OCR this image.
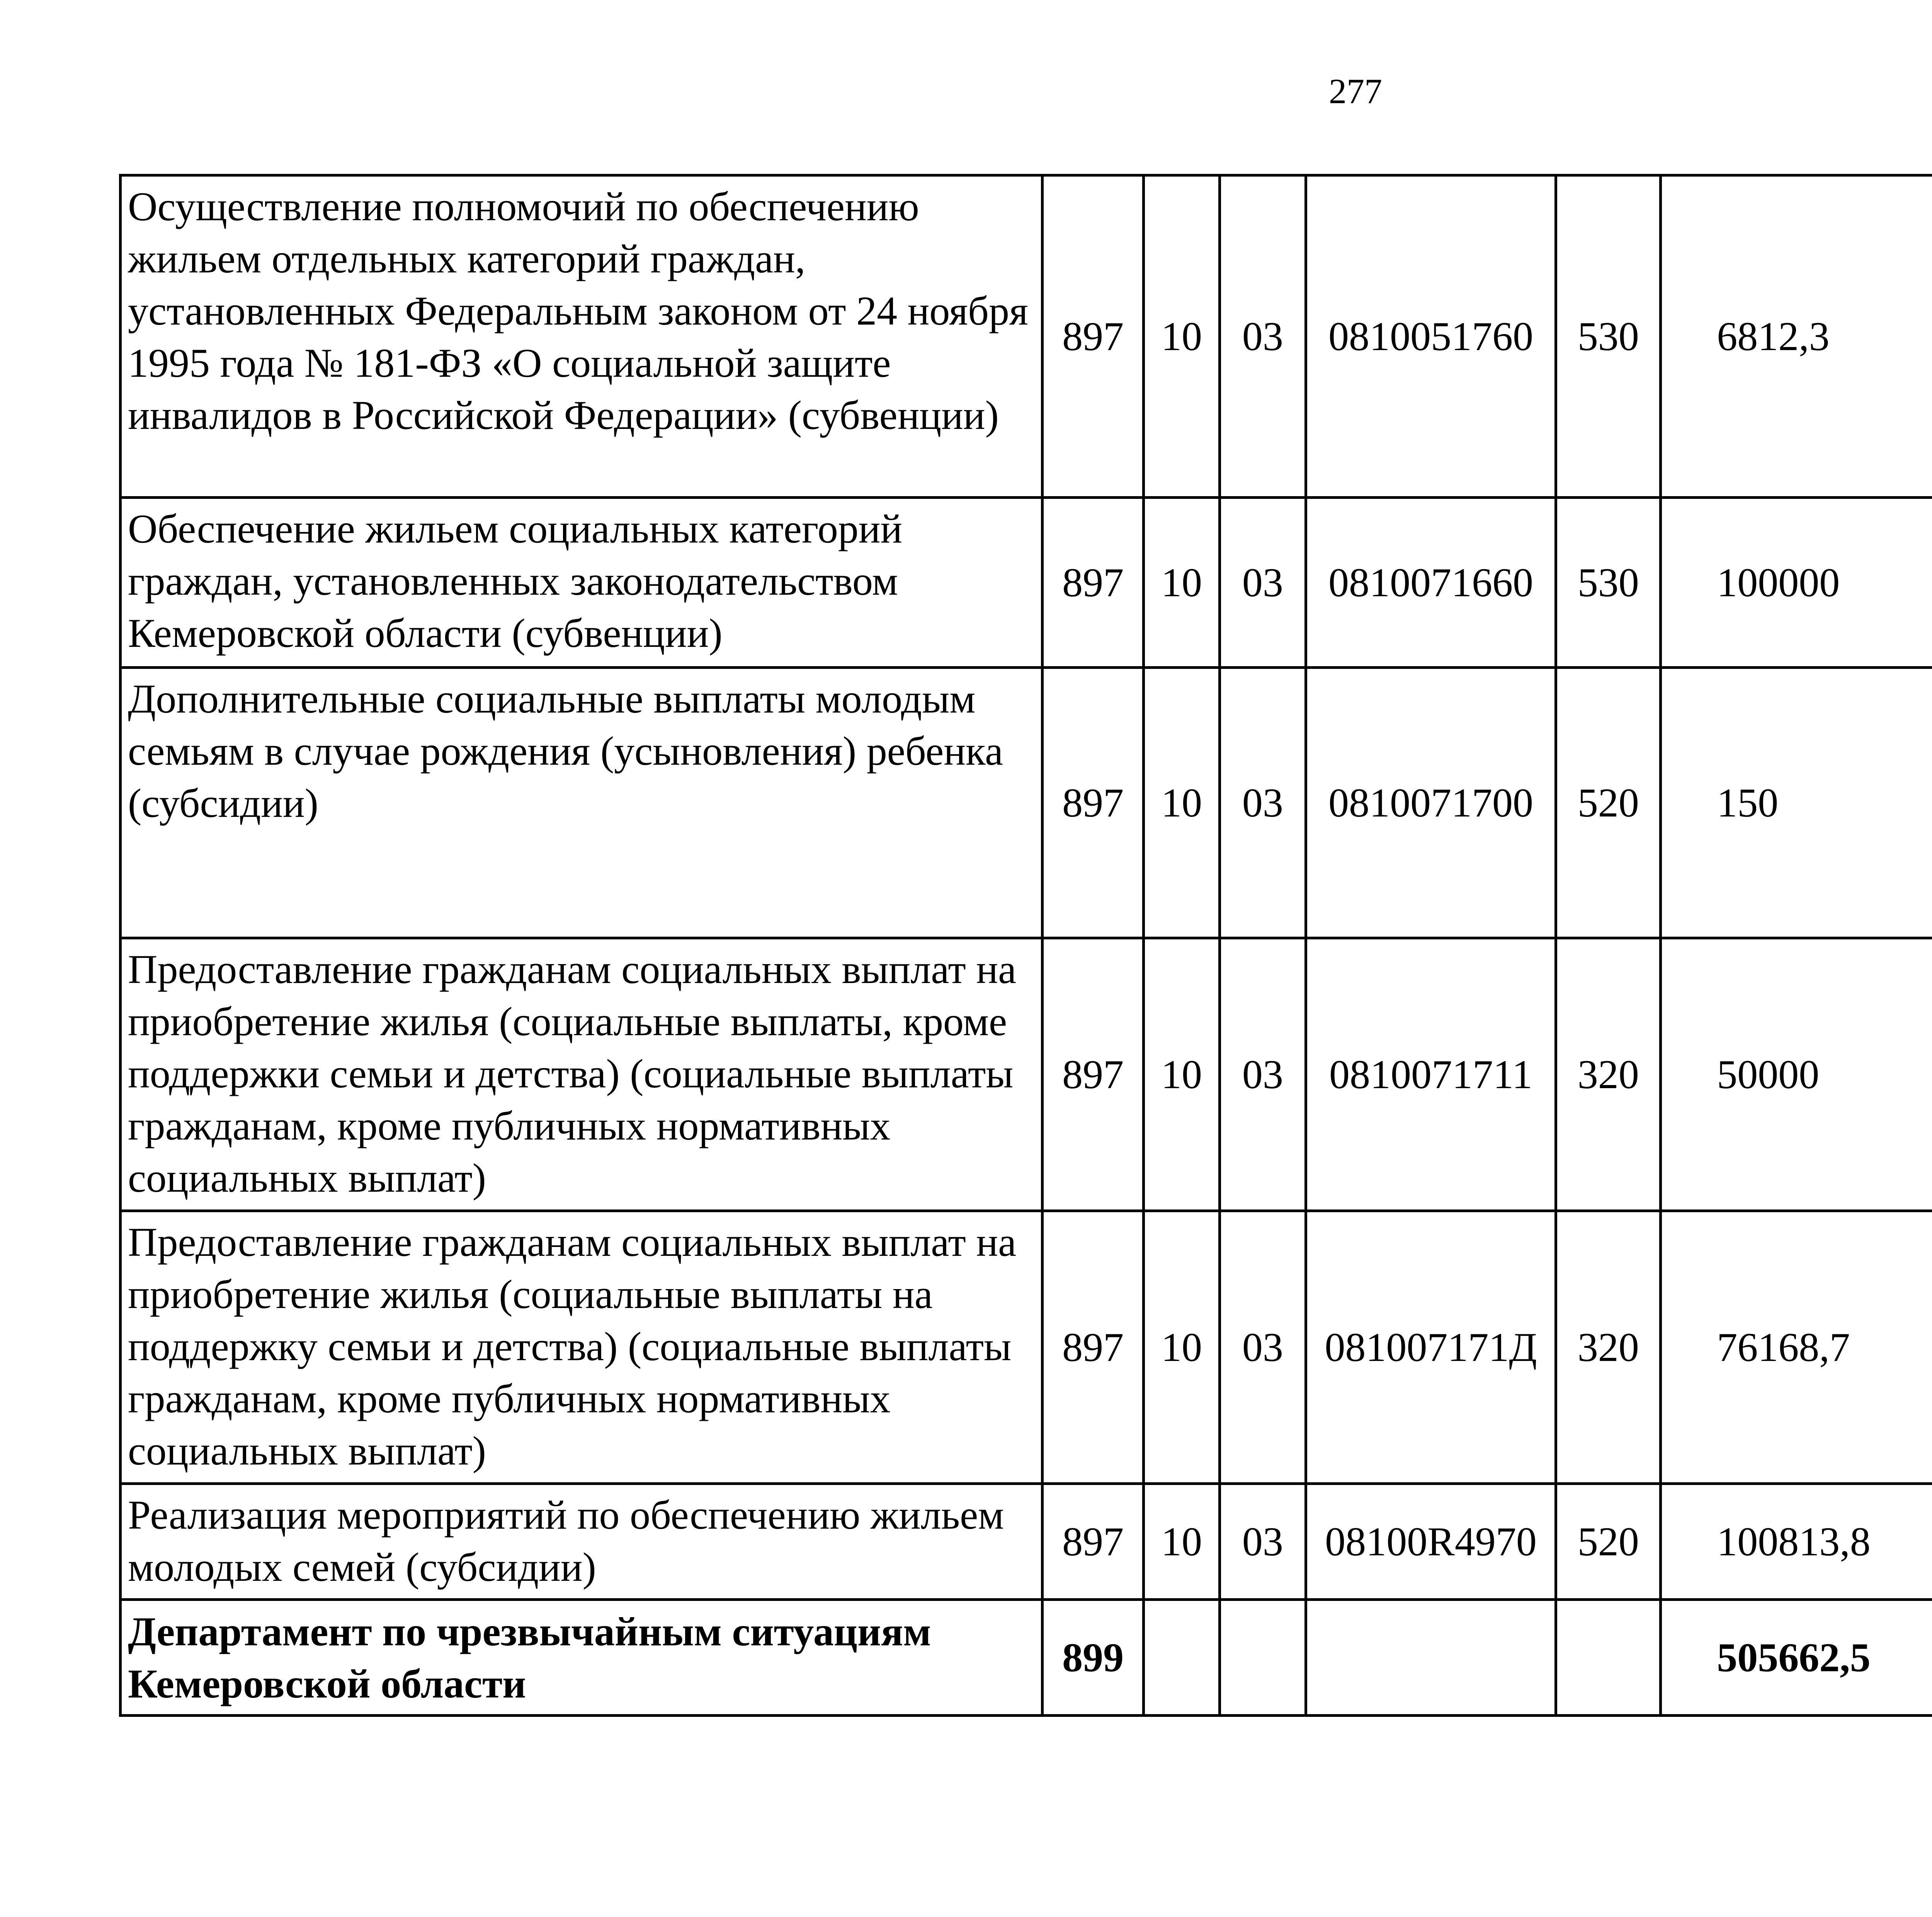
277
Осуществление полномочий по обеспечению жильем отдельных категорий граждан, установленных Федеральным законом от 24 ноября 1995 года № 181-ФЗ «О социальной защите инвалидов в Российской Федерации» (субвенции)	897	10	03	0810051760	530	6812,3		
Обеспечение жильем социальных категорий граждан, установленных законодательством Кемеровской области (субвенции)	897	10	03	0810071660	530	100000		
Дополнительные социальные выплаты молодым семьям в случае рождения (усыновления) ребенка (субсидии)	897	10	03	0810071700	520	150		
Предоставление гражданам социальных выплат на приобретение жилья (социальные выплаты, кроме поддержки семьи и детства) (социальные выплаты гражданам, кроме публичных нормативных социальных выплат)	897	10	03	0810071711	320	50000		
Предоставление гражданам социальных выплат на приобретение жилья (социальные выплаты на поддержку семьи и детства) (социальные выплаты гражданам, кроме публичных нормативных социальных выплат)	897	10	03	081007171Д	320	76168,7		
Реализация мероприятий по обеспечению жильем молодых семей (субсидии)	897	10	03	08100R4970	520	100813,8		
Департамент по чрезвычайным ситуациям Кемеровской области	899					505662,5		
